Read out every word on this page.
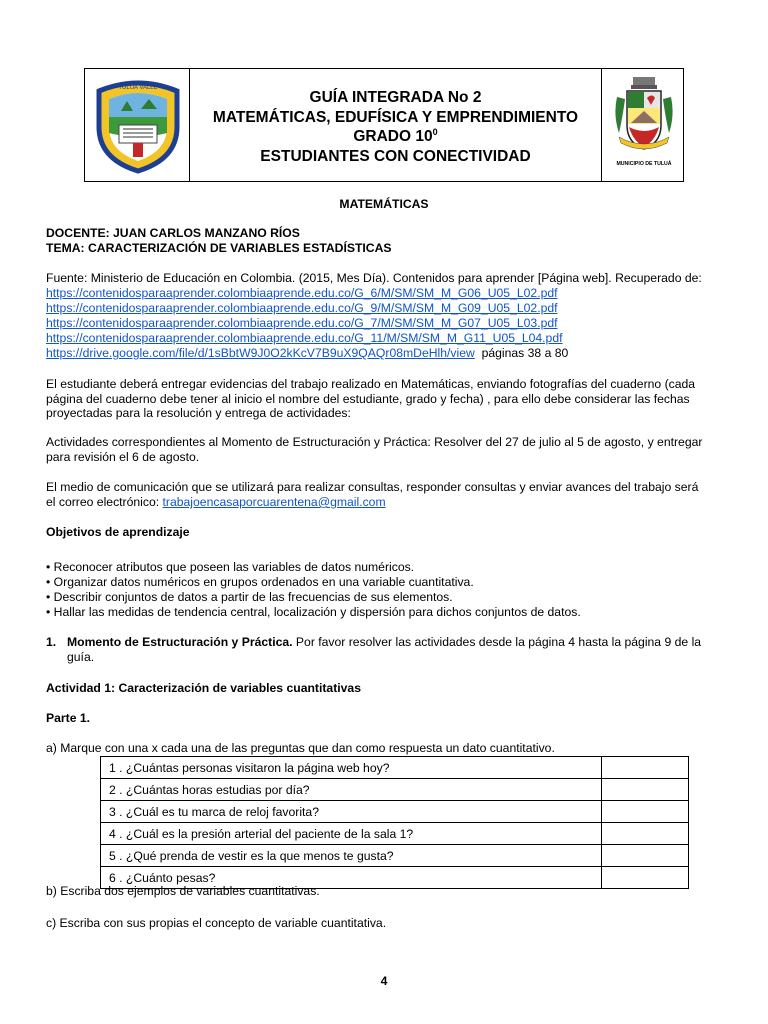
TULUA VALLE
GUÍA INTEGRADA No 2
MATEMÁTICAS, EDUFÍSICA Y EMPRENDIMIENTO
GRADO $10^0$
ESTUDIANTES CON CONECTIVIDAD	MUNICIPIO DE TULUÁ
MATEMÁTICAS
DOCENTE: JUAN CARLOS MANZANO RÍOS
TEMA: CARACTERIZACIÓN DE VARIABLES ESTADÍSTICAS
Fuente: Ministerio de Educación en Colombia. (2015, Mes Día). Contenidos para aprender [Página web]. Recuperado de:
https://contenidosparaaprender.colombiaaprende.edu.co/G_6/M/SM/SM_M_G06_U05_L02.pdf
https://contenidosparaaprender.colombiaaprende.edu.co/G_9/M/SM/SM_M_G09_U05_L02.pdf
https://contenidosparaaprender.colombiaaprende.edu.co/G_7/M/SM/SM_M_G07_U05_L03.pdf
https://contenidosparaaprender.colombiaaprende.edu.co/G_11/M/SM/SM_M_G11_U05_L04.pdf
https://drive.google.com/file/d/1sBbtW9J0O2kKcV7B9uX9QAQr08mDeHlh/view páginas 38 a 80
El estudiante deberá entregar evidencias del trabajo realizado en Matemáticas, enviando fotografías del cuaderno (cada
página del cuaderno debe tener al inicio el nombre del estudiante, grado y fecha) , para ello debe considerar las fechas
proyectadas para la resolución y entrega de actividades:
Actividades correspondientes al Momento de Estructuración y Práctica: Resolver del 27 de julio al 5 de agosto, y entregar
para revisión el 6 de agosto.
El medio de comunicación que se utilizará para realizar consultas, responder consultas y enviar avances del trabajo será
el correo electrónico: trabajoencasaporcuarentena@gmail.com
Objetivos de aprendizaje
• Reconocer atributos que poseen las variables de datos numéricos.
• Organizar datos numéricos en grupos ordenados en una variable cuantitativa.
• Describir conjuntos de datos a partir de las frecuencias de sus elementos.
• Hallar las medidas de tendencia central, localización y dispersión para dichos conjuntos de datos.
1. Momento de Estructuración y Práctica. Por favor resolver las actividades desde la página 4 hasta la página 9 de la
guía.
Actividad 1: Caracterización de variables cuantitativas
Parte 1.
a) Marque con una x cada una de las preguntas que dan como respuesta un dato cuantitativo.
1 . ¿Cuántas personas visitaron la página web hoy?	
2 . ¿Cuántas horas estudias por día?	
3 . ¿Cuál es tu marca de reloj favorita?	
4 . ¿Cuál es la presión arterial del paciente de la sala 1?	
5 . ¿Qué prenda de vestir es la que menos te gusta?	
6 . ¿Cuánto pesas?	
b) Escriba dos ejemplos de variables cuantitativas.
c) Escriba con sus propias el concepto de variable cuantitativa.
4
